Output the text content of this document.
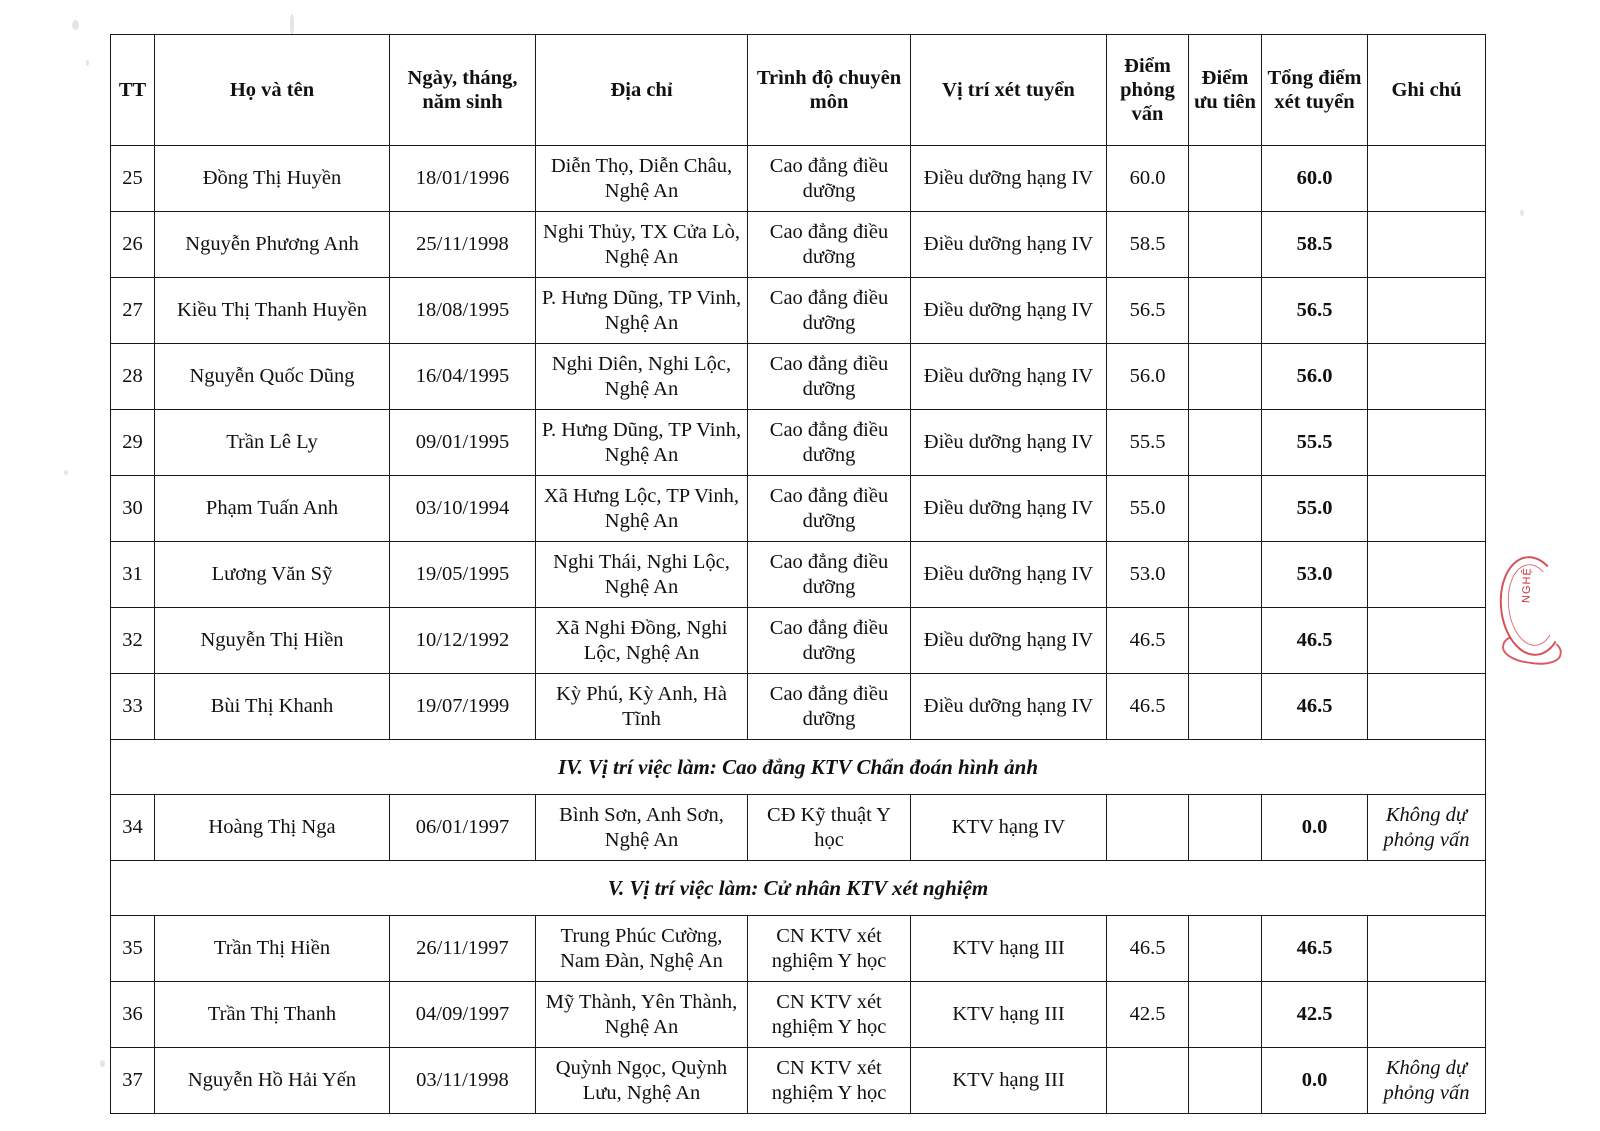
TT	Họ và tên	Ngày, tháng, năm sinh	Địa chỉ	Trình độ chuyên môn	Vị trí xét tuyển	Điểm phỏng vấn	Điểm ưu tiên	Tổng điểm xét tuyển	Ghi chú
25	Đồng Thị Huyền	18/01/1996	Diễn Thọ, Diễn Châu, Nghệ An	Cao đẳng điều dưỡng	Điều dưỡng hạng IV	60.0		60.0	
26	Nguyễn Phương Anh	25/11/1998	Nghi Thủy, TX Cửa Lò, Nghệ An	Cao đẳng điều dưỡng	Điều dưỡng hạng IV	58.5		58.5	
27	Kiều Thị Thanh Huyền	18/08/1995	P. Hưng Dũng, TP Vinh, Nghệ An	Cao đẳng điều dưỡng	Điều dưỡng hạng IV	56.5		56.5	
28	Nguyễn Quốc Dũng	16/04/1995	Nghi Diên, Nghi Lộc, Nghệ An	Cao đẳng điều dưỡng	Điều dưỡng hạng IV	56.0		56.0	
29	Trần Lê Ly	09/01/1995	P. Hưng Dũng, TP Vinh, Nghệ An	Cao đẳng điều dưỡng	Điều dưỡng hạng IV	55.5		55.5	
30	Phạm Tuấn Anh	03/10/1994	Xã Hưng Lộc, TP Vinh, Nghệ An	Cao đẳng điều dưỡng	Điều dưỡng hạng IV	55.0		55.0	
31	Lương Văn Sỹ	19/05/1995	Nghi Thái, Nghi Lộc, Nghệ An	Cao đẳng điều dưỡng	Điều dưỡng hạng IV	53.0		53.0	
32	Nguyễn Thị Hiền	10/12/1992	Xã Nghi Đồng, Nghi Lộc, Nghệ An	Cao đẳng điều dưỡng	Điều dưỡng hạng IV	46.5		46.5	
33	Bùi Thị Khanh	19/07/1999	Kỳ Phú, Kỳ Anh, Hà Tĩnh	Cao đẳng điều dưỡng	Điều dưỡng hạng IV	46.5		46.5	
IV. Vị trí việc làm: Cao đẳng KTV Chẩn đoán hình ảnh									
34	Hoàng Thị Nga	06/01/1997	Bình Sơn, Anh Sơn, Nghệ An	CĐ Kỹ thuật Y học	KTV hạng IV			0.0	Không dự phỏng vấn
V. Vị trí việc làm: Cử nhân KTV xét nghiệm									
35	Trần Thị Hiền	26/11/1997	Trung Phúc Cường, Nam Đàn, Nghệ An	CN KTV xét nghiệm Y học	KTV hạng III	46.5		46.5	
36	Trần Thị Thanh	04/09/1997	Mỹ Thành, Yên Thành, Nghệ An	CN KTV xét nghiệm Y học	KTV hạng III	42.5		42.5	
37	Nguyễn Hồ Hải Yến	03/11/1998	Quỳnh Ngọc, Quỳnh Lưu, Nghệ An	CN KTV xét nghiệm Y học	KTV hạng III			0.0	Không dự phỏng vấn
NGHỆ
